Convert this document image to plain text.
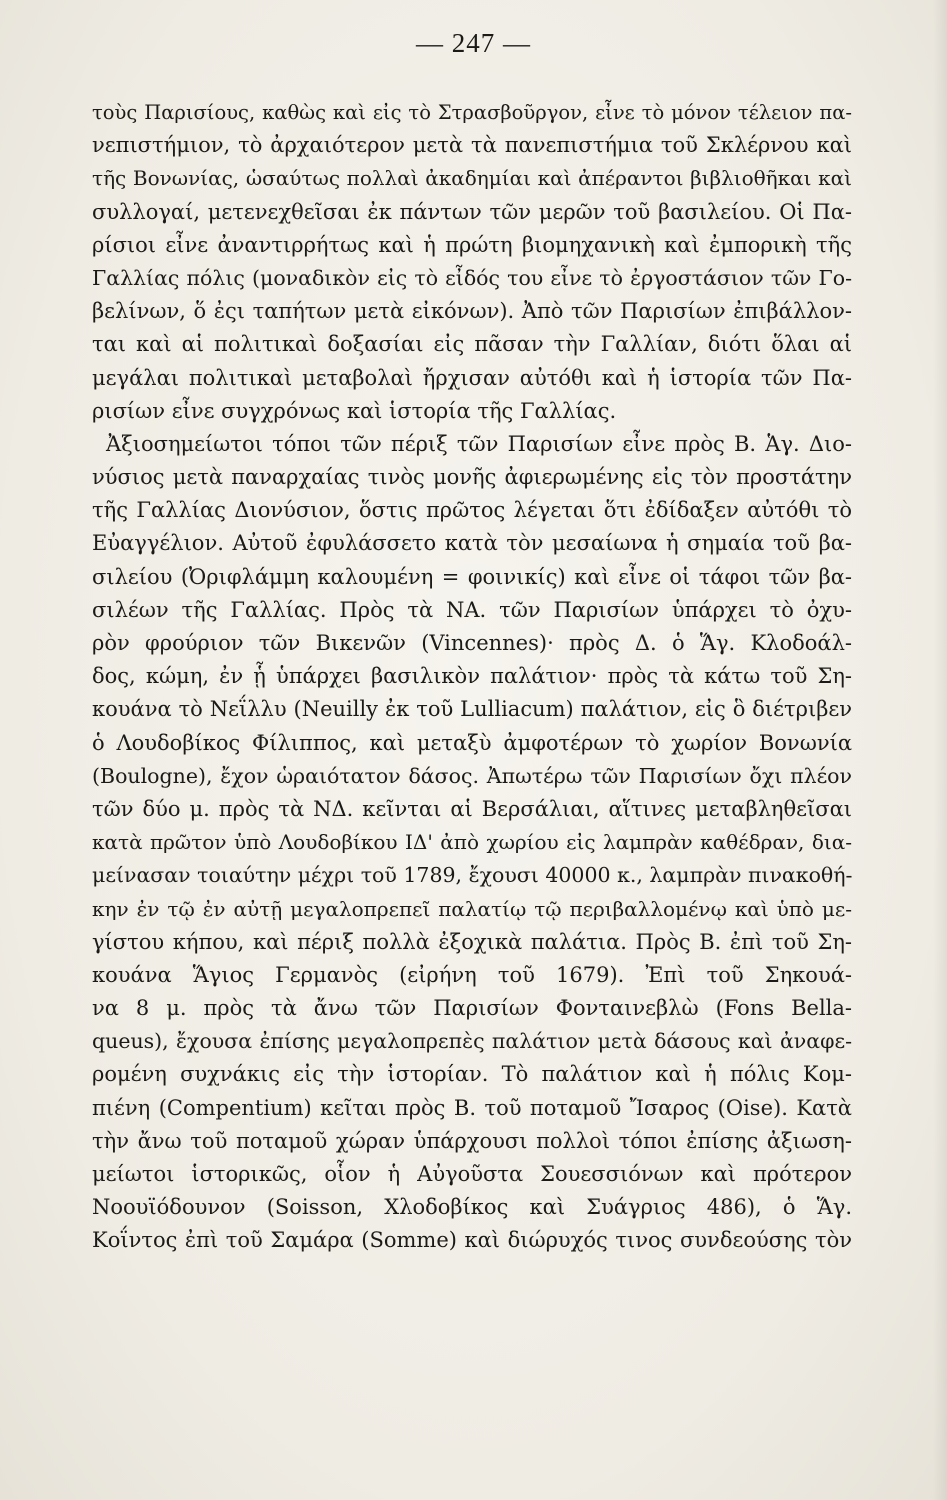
— 247 —
τοὺς Παρισίους, καθὼς καὶ εἰς τὸ Στρασβοῦργον, εἶνε τὸ μόνον τέλειον πα-
νεπιστήμιον, τὸ ἀρχαιότερον μετὰ τὰ πανεπιστήμια τοῦ Σκλέρνου καὶ
τῆς Βονωνίας, ὡσαύτως πολλαὶ ἀκαδημίαι καὶ ἀπέραντοι βιβλιοθῆκαι καὶ
συλλογαί, μετενεχθεῖσαι ἐκ πάντων τῶν μερῶν τοῦ βασιλείου. Οἱ Πα-
ρίσιοι εἶνε ἀναντιρρήτως καὶ ἡ πρώτη βιομηχανικὴ καὶ ἐμπορικὴ τῆς
Γαλλίας πόλις (μοναδικὸν εἰς τὸ εἶδός του εἶνε τὸ ἐργοστάσιον τῶν Γο-
βελίνων, ὅ ἐςι ταπήτων μετὰ εἰκόνων). Ἀπὸ τῶν Παρισίων ἐπιβάλλον-
ται καὶ αἱ πολιτικαὶ δοξασίαι εἰς πᾶσαν τὴν Γαλλίαν, διότι ὅλαι αἱ
μεγάλαι πολιτικαὶ μεταβολαὶ ἤρχισαν αὐτόθι καὶ ἡ ἱστορία τῶν Πα-
ρισίων εἶνε συγχρόνως καὶ ἱστορία τῆς Γαλλίας.
Ἀξιοσημείωτοι τόποι τῶν πέριξ τῶν Παρισίων εἶνε πρὸς Β. Ἁγ. Διο-
νύσιος μετὰ παναρχαίας τινὸς μονῆς ἀφιερωμένης εἰς τὸν προστάτην
τῆς Γαλλίας Διονύσιον, ὅστις πρῶτος λέγεται ὅτι ἐδίδαξεν αὐτόθι τὸ
Εὐαγγέλιον. Αὐτοῦ ἐφυλάσσετο κατὰ τὸν μεσαίωνα ἡ σημαία τοῦ βα-
σιλείου (Ὀριφλάμμη καλουμένη = φοινικίς) καὶ εἶνε οἱ τάφοι τῶν βα-
σιλέων τῆς Γαλλίας. Πρὸς τὰ ΝΑ. τῶν Παρισίων ὑπάρχει τὸ ὀχυ-
ρὸν φρούριον τῶν Βικενῶν (Vincennes)· πρὸς Δ. ὁ Ἅγ. Κλοδοάλ-
δος, κώμη, ἐν ᾗ ὑπάρχει βασιλικὸν παλάτιον· πρὸς τὰ κάτω τοῦ Ση-
κουάνα τὸ Νεΐλλυ (Neuilly ἐκ τοῦ Lulliacum) παλάτιον, εἰς ὃ διέτριβεν
ὁ Λουδοβίκος Φίλιππος, καὶ μεταξὺ ἀμφοτέρων τὸ χωρίον Βονωνία
(Boulogne), ἔχον ὡραιότατον δάσος. Ἀπωτέρω τῶν Παρισίων ὄχι πλέον
τῶν δύο μ. πρὸς τὰ ΝΔ. κεῖνται αἱ Βερσάλιαι, αἵτινες μεταβληθεῖσαι
κατὰ πρῶτον ὑπὸ Λουδοβίκου ΙΔ' ἀπὸ χωρίου εἰς λαμπρὰν καθέδραν, δια-
μείνασαν τοιαύτην μέχρι τοῦ 1789, ἔχουσι 40000 κ., λαμπρὰν πινακοθή-
κην ἐν τῷ ἐν αὐτῇ μεγαλοπρεπεῖ παλατίῳ τῷ περιβαλλομένῳ καὶ ὑπὸ με-
γίστου κήπου, καὶ πέριξ πολλὰ ἐξοχικὰ παλάτια. Πρὸς Β. ἐπὶ τοῦ Ση-
κουάνα Ἅγιος Γερμανὸς (εἰρήνη τοῦ 1679). Ἐπὶ τοῦ Σηκουά-
να 8 μ. πρὸς τὰ ἄνω τῶν Παρισίων Φονταινεβλὼ (Fons Bella-
queus), ἔχουσα ἐπίσης μεγαλοπρεπὲς παλάτιον μετὰ δάσους καὶ ἀναφε-
ρομένη συχνάκις εἰς τὴν ἱστορίαν. Τὸ παλάτιον καὶ ἡ πόλις Κομ-
πιένη (Compentium) κεῖται πρὸς Β. τοῦ ποταμοῦ Ἴσαρος (Oise). Κατὰ
τὴν ἄνω τοῦ ποταμοῦ χώραν ὑπάρχουσι πολλοὶ τόποι ἐπίσης ἀξιωση-
μείωτοι ἱστορικῶς, οἷον ἡ Αὐγοῦστα Σουεσσιόνων καὶ πρότερον
Νοουϊόδουνον (Soisson, Χλοδοβίκος καὶ Συάγριος 486), ὁ Ἅγ.
Κοΐντος ἐπὶ τοῦ Σαμάρα (Somme) καὶ διώρυχός τινος συνδεούσης τὸν
